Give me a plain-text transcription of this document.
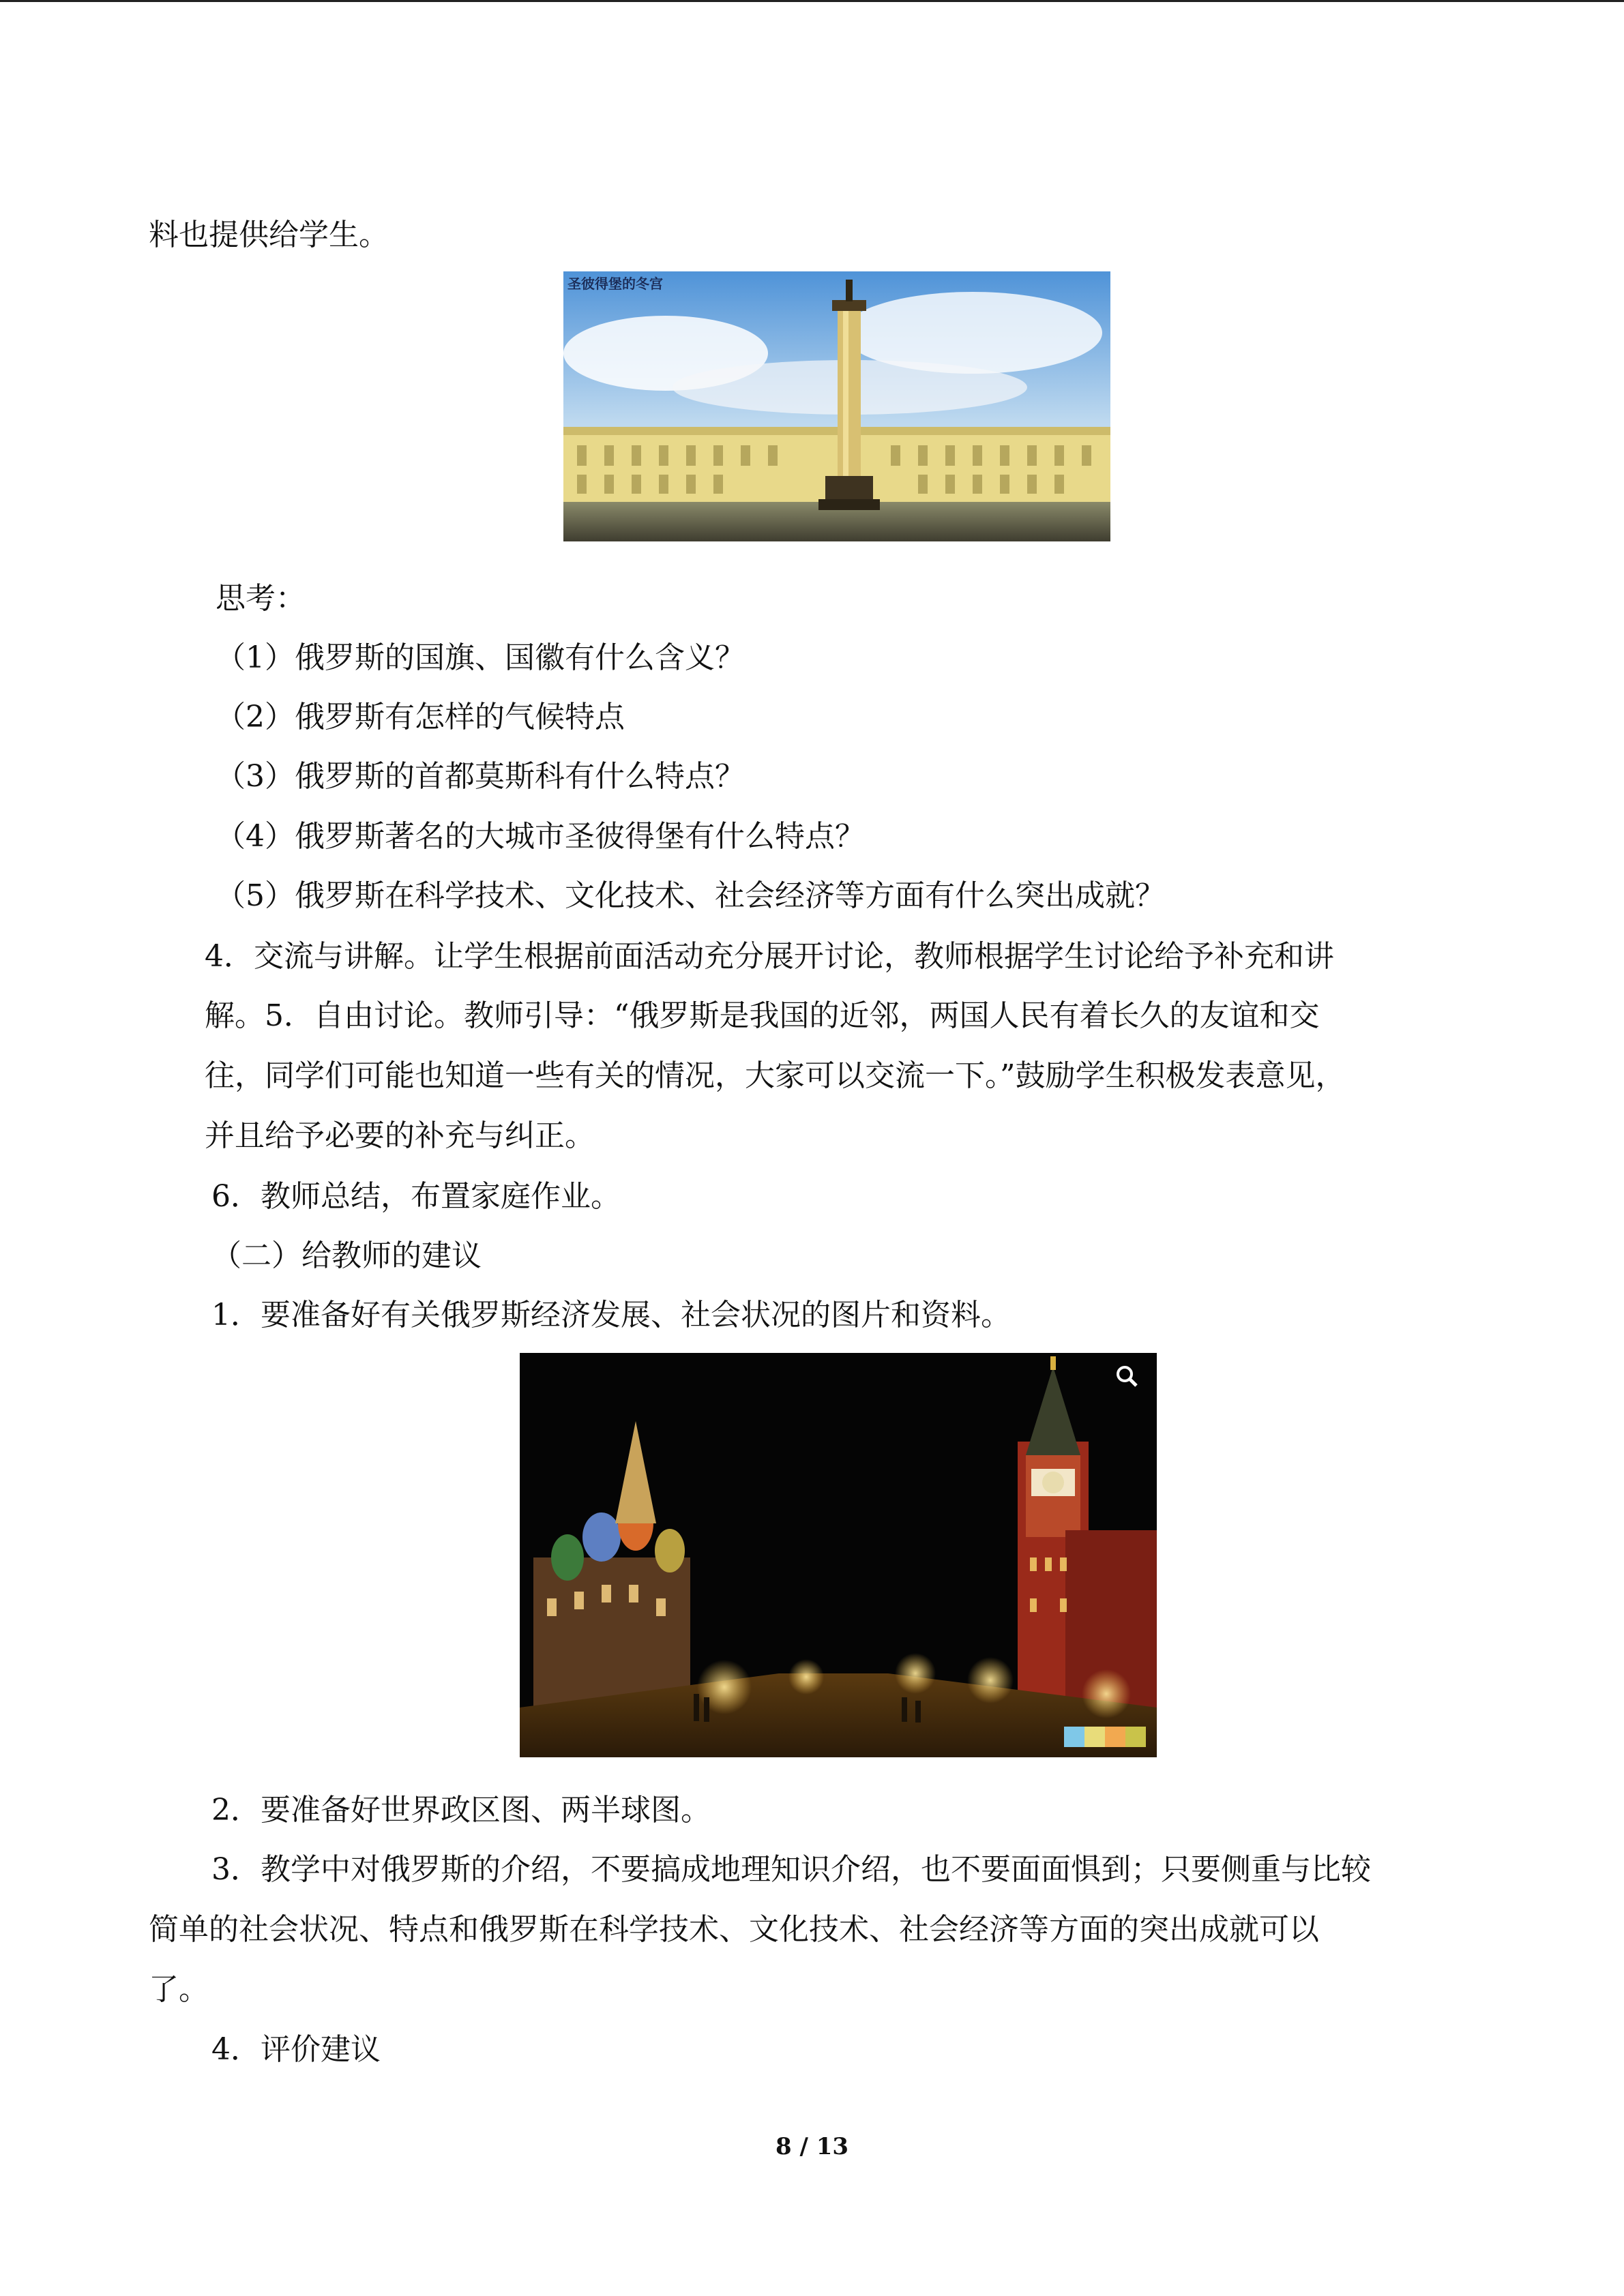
料也提供给学生。
圣彼得堡的冬宫
思考：
（1）俄罗斯的国旗、国徽有什么含义？
（2）俄罗斯有怎样的气候特点
（3）俄罗斯的首都莫斯科有什么特点？
（4）俄罗斯著名的大城市圣彼得堡有什么特点？
（5）俄罗斯在科学技术、文化技术、社会经济等方面有什么突出成就？
4．交流与讲解。让学生根据前面活动充分展开讨论，教师根据学生讨论给予补充和讲
解。5．自由讨论。教师引导：“俄罗斯是我国的近邻，两国人民有着长久的友谊和交
往，同学们可能也知道一些有关的情况，大家可以交流一下。”鼓励学生积极发表意见，
并且给予必要的补充与纠正。
6．教师总结，布置家庭作业。
（二）给教师的建议
1．要准备好有关俄罗斯经济发展、社会状况的图片和资料。
2．要准备好世界政区图、两半球图。
3．教学中对俄罗斯的介绍，不要搞成地理知识介绍，也不要面面惧到；只要侧重与比较
简单的社会状况、特点和俄罗斯在科学技术、文化技术、社会经济等方面的突出成就可以
了。
4．评价建议
8 / 13
